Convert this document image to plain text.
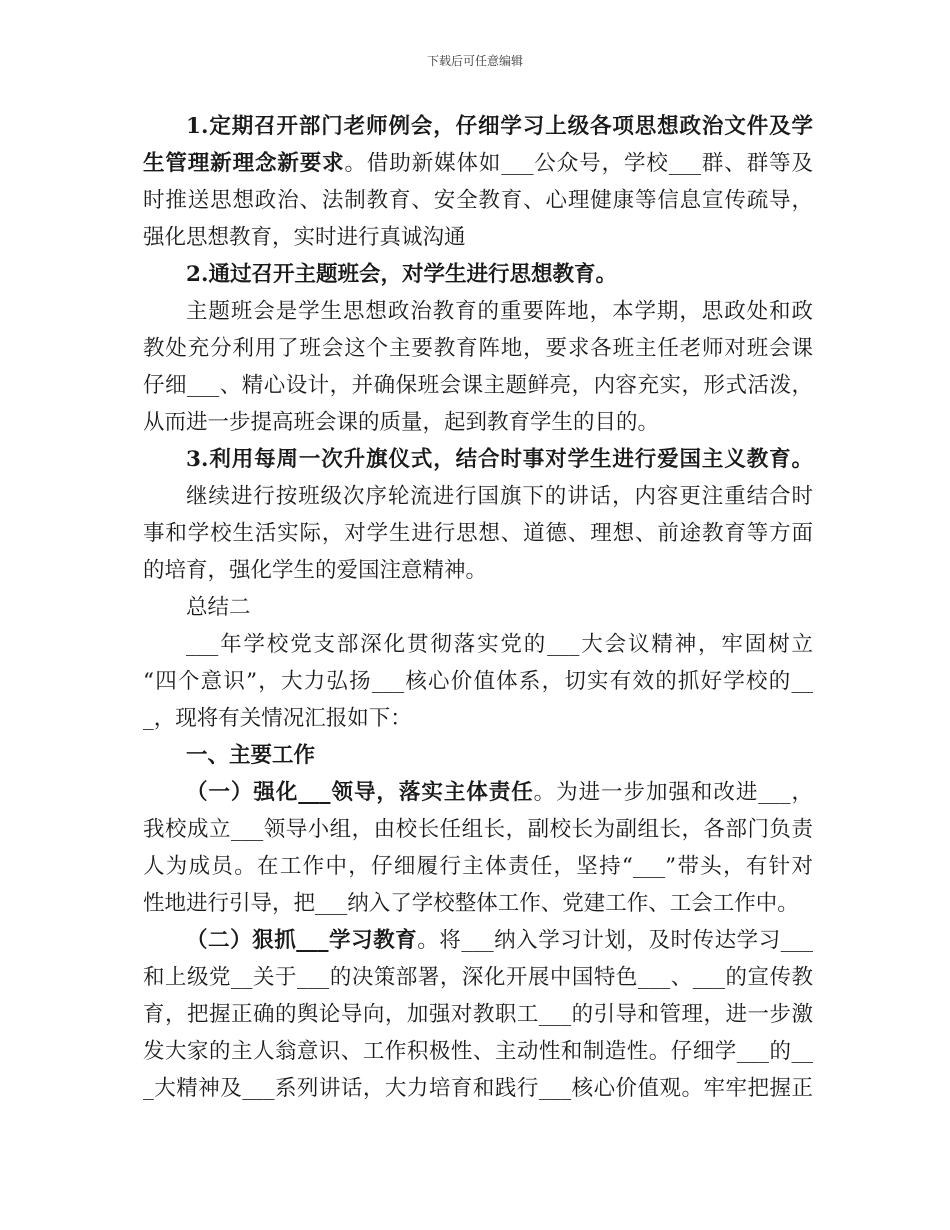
下载后可任意编辑
1.定期召开部门老师例会，仔细学习上级各项思想政治文件及学
生管理新理念新要求。借助新媒体如___公众号，学校___群、群等及
时推送思想政治、法制教育、安全教育、心理健康等信息宣传疏导，
强化思想教育，实时进行真诚沟通
2.通过召开主题班会，对学生进行思想教育。
主题班会是学生思想政治教育的重要阵地，本学期，思政处和政
教处充分利用了班会这个主要教育阵地，要求各班主任老师对班会课
仔细___、精心设计，并确保班会课主题鲜亮，内容充实，形式活泼，
从而进一步提高班会课的质量，起到教育学生的目的。
3.利用每周一次升旗仪式，结合时事对学生进行爱国主义教育。
继续进行按班级次序轮流进行国旗下的讲话，内容更注重结合时
事和学校生活实际，对学生进行思想、道德、理想、前途教育等方面
的培育，强化学生的爱国注意精神。
总结二
___年学校党支部深化贯彻落实党的___大会议精神，牢固树立
“四个意识”，大力弘扬___核心价值体系，切实有效的抓好学校的__
_，现将有关情况汇报如下：
一、主要工作
（一）强化___领导，落实主体责任。为进一步加强和改进___，
我校成立___领导小组，由校长任组长，副校长为副组长，各部门负责
人为成员。在工作中，仔细履行主体责任，坚持“___”带头，有针对
性地进行引导，把___纳入了学校整体工作、党建工作、工会工作中。
（二）狠抓___学习教育。将___纳入学习计划，及时传达学习___
和上级党__关于___的决策部署，深化开展中国特色___、___的宣传教
育，把握正确的舆论导向，加强对教职工___的引导和管理，进一步激
发大家的主人翁意识、工作积极性、主动性和制造性。仔细学___的__
_大精神及___系列讲话，大力培育和践行___核心价值观。牢牢把握正
